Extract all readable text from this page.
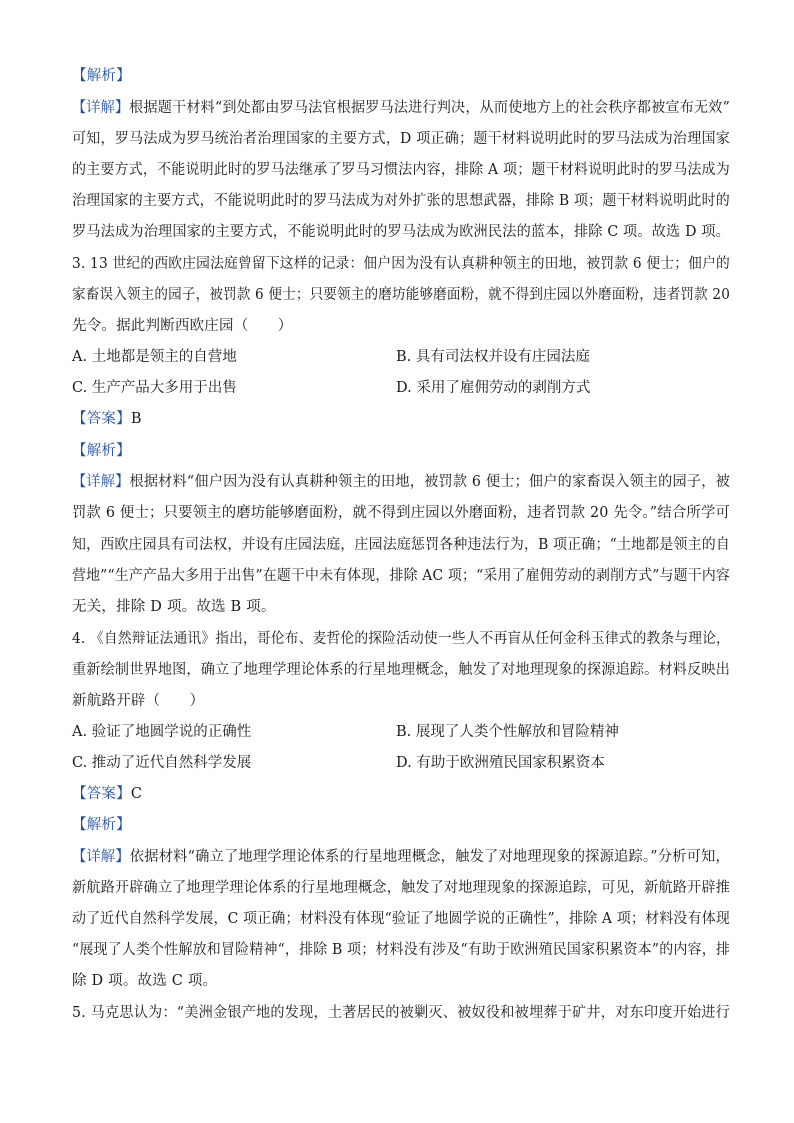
【解析】
【详解】根据题干材料“到处都由罗马法官根据罗马法进行判决，从而使地方上的社会秩序都被宣布无效”
可知，罗马法成为罗马统治者治理国家的主要方式，D 项正确；题干材料说明此时的罗马法成为治理国家
的主要方式，不能说明此时的罗马法继承了罗马习惯法内容，排除 A 项；题干材料说明此时的罗马法成为
治理国家的主要方式，不能说明此时的罗马法成为对外扩张的思想武器，排除 B 项；题干材料说明此时的
罗马法成为治理国家的主要方式，不能说明此时的罗马法成为欧洲民法的蓝本，排除 C 项。故选 D 项。
3. 13 世纪的西欧庄园法庭曾留下这样的记录：佃户因为没有认真耕种领主的田地，被罚款 6 便士；佃户的
家畜误入领主的园子，被罚款 6 便士；只要领主的磨坊能够磨面粉，就不得到庄园以外磨面粉，违者罚款 20
先令。据此判断西欧庄园（　　）
A. 土地都是领主的自营地	B. 具有司法权并设有庄园法庭
C. 生产产品大多用于出售	D. 采用了雇佣劳动的剥削方式
【答案】B
【解析】
【详解】根据材料“佃户因为没有认真耕种领主的田地，被罚款 6 便士；佃户的家畜误入领主的园子，被
罚款 6 便士；只要领主的磨坊能够磨面粉，就不得到庄园以外磨面粉，违者罚款 20 先令。”结合所学可
知，西欧庄园具有司法权，并设有庄园法庭，庄园法庭惩罚各种违法行为，B 项正确；“土地都是领主的自
营地”“生产产品大多用于出售”在题干中未有体现，排除 AC 项；“采用了雇佣劳动的剥削方式”与题干内容
无关，排除 D 项。故选 B 项。
4. 《自然辩证法通讯》指出，哥伦布、麦哲伦的探险活动使一些人不再盲从任何金科玉律式的教条与理论，
重新绘制世界地图，确立了地理学理论体系的行星地理概念，触发了对地理现象的探源追踪。材料反映出
新航路开辟（　　）
A. 验证了地圆学说的正确性	B. 展现了人类个性解放和冒险精神
C. 推动了近代自然科学发展	D. 有助于欧洲殖民国家积累资本
【答案】C
【解析】
【详解】依据材料“确立了地理学理论体系的行星地理概念，触发了对地理现象的探源追踪。”分析可知，
新航路开辟确立了地理学理论体系的行星地理概念，触发了对地理现象的探源追踪，可见，新航路开辟推
动了近代自然科学发展，C 项正确；材料没有体现“验证了地圆学说的正确性”，排除 A 项；材料没有体现
“展现了人类个性解放和冒险精神“，排除 B 项；材料没有涉及“有助于欧洲殖民国家积累资本”的内容，排
除 D 项。故选 C 项。
5. 马克思认为：“美洲金银产地的发现，土著居民的被剿灭、被奴役和被埋葬于矿井，对东印度开始进行
